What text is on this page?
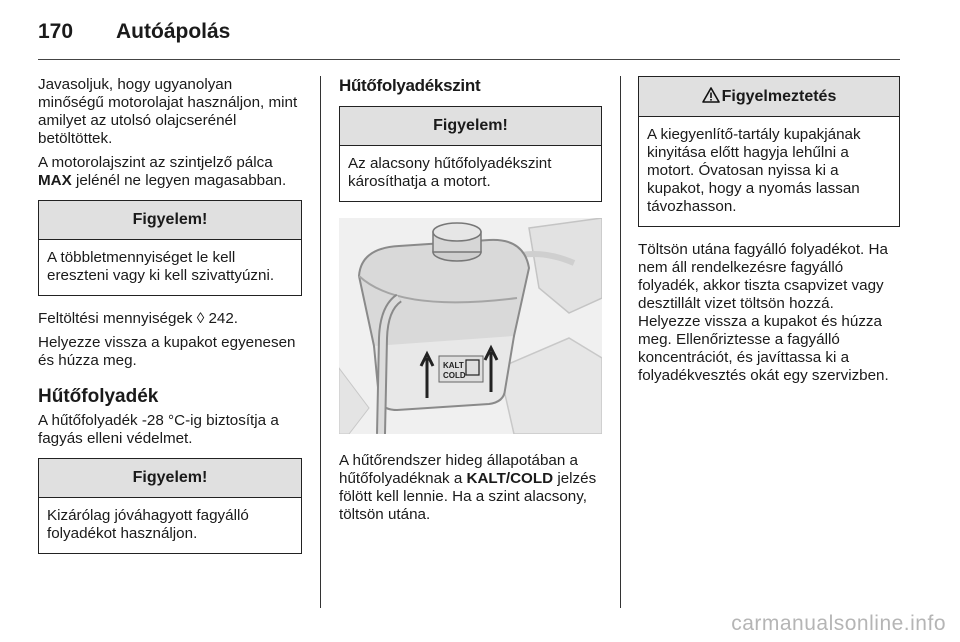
170 Autóápolás

Javasoljuk, hogy ugyanolyan minőségű motorolajat használjon, mint amilyet az utolsó olajcserénél betöltöttek.

A motorolajszint az szintjelző pálca MAX jelénél ne legyen magasabban.

Figyelem!
A többletmennyiséget le kell ereszteni vagy ki kell szivattyúzni.

Feltöltési mennyiségek ◊ 242.

Helyezze vissza a kupakot egyenesen és húzza meg.

Hűtőfolyadék

A hűtőfolyadék -28 °C-ig biztosítja a fagyás elleni védelmet.

Figyelem!
Kizárólag jóváhagyott fagyálló folyadékot használjon.
Hűtőfolyadékszint
Figyelem!
Az alacsony hűtőfolyadékszint károsíthatja a motort.
KALT
COLD

A hűtőrendszer hideg állapotában a hűtőfolyadéknak a KALT/COLD jelzés fölött kell lennie. Ha a szint alacsony, töltsön utána.

Figyelmeztetés
A kiegyenlítő-tartály kupakjának kinyitása előtt hagyja lehűlni a motort. Óvatosan nyissa ki a kupakot, hogy a nyomás lassan távozhasson.

Töltsön utána fagyálló folyadékot. Ha nem áll rendelkezésre fagyálló folyadék, akkor tiszta csapvizet vagy desztillált vizet töltsön hozzá. Helyezze vissza a kupakot és húzza meg. Ellenőriztesse a fagyálló koncentrációt, és javíttassa ki a folyadékvesztés okát egy szervizben.

carmanualsonline.info
